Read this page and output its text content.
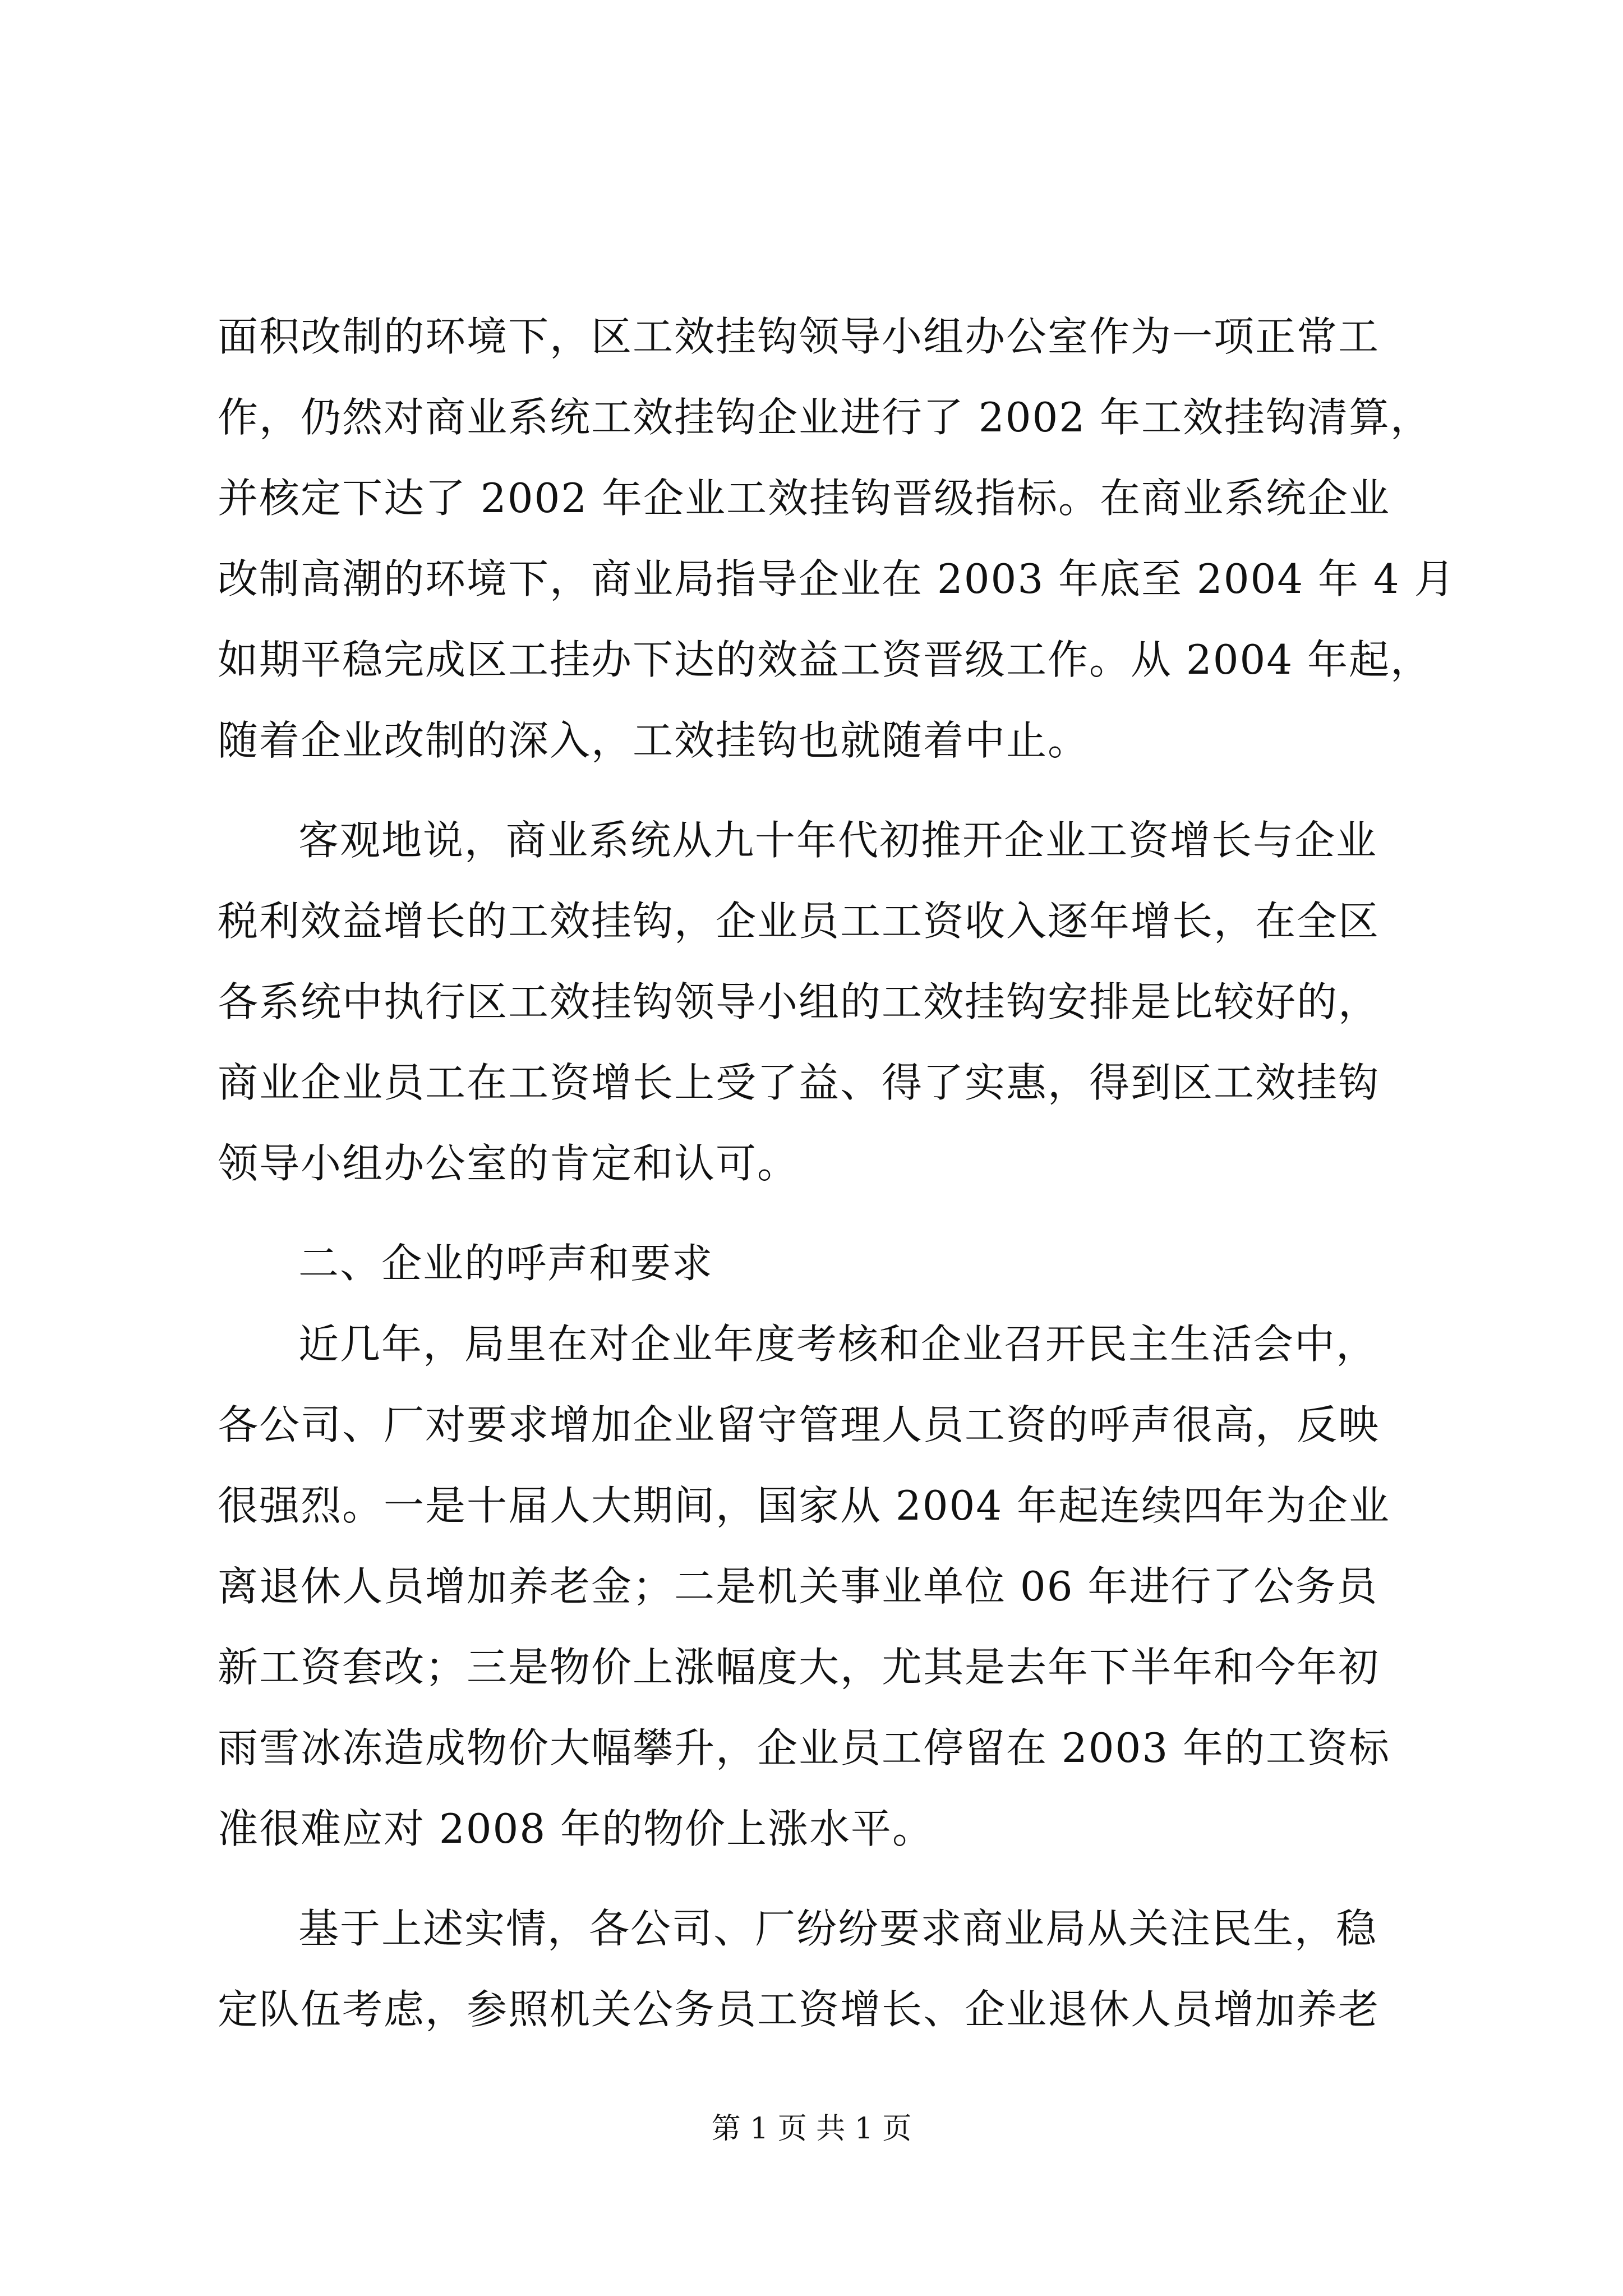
面积改制的环境下，区工效挂钩领导小组办公室作为一项正常工
作，仍然对商业系统工效挂钩企业进行了 2002 年工效挂钩清算，
并核定下达了 2002 年企业工效挂钩晋级指标。在商业系统企业
改制高潮的环境下，商业局指导企业在 2003 年底至 2004 年 4 月
如期平稳完成区工挂办下达的效益工资晋级工作。从 2004 年起，
随着企业改制的深入，工效挂钩也就随着中止。
客观地说，商业系统从九十年代初推开企业工资增长与企业
税利效益增长的工效挂钩，企业员工工资收入逐年增长，在全区
各系统中执行区工效挂钩领导小组的工效挂钩安排是比较好的，
商业企业员工在工资增长上受了益、得了实惠，得到区工效挂钩
领导小组办公室的肯定和认可。
二、企业的呼声和要求
近几年，局里在对企业年度考核和企业召开民主生活会中，
各公司、厂对要求增加企业留守管理人员工资的呼声很高，反映
很强烈。一是十届人大期间，国家从 2004 年起连续四年为企业
离退休人员增加养老金；二是机关事业单位 06 年进行了公务员
新工资套改；三是物价上涨幅度大，尤其是去年下半年和今年初
雨雪冰冻造成物价大幅攀升，企业员工停留在 2003 年的工资标
准很难应对 2008 年的物价上涨水平。
基于上述实情，各公司、厂纷纷要求商业局从关注民生，稳
定队伍考虑，参照机关公务员工资增长、企业退休人员增加养老
第 1 页 共 1 页
